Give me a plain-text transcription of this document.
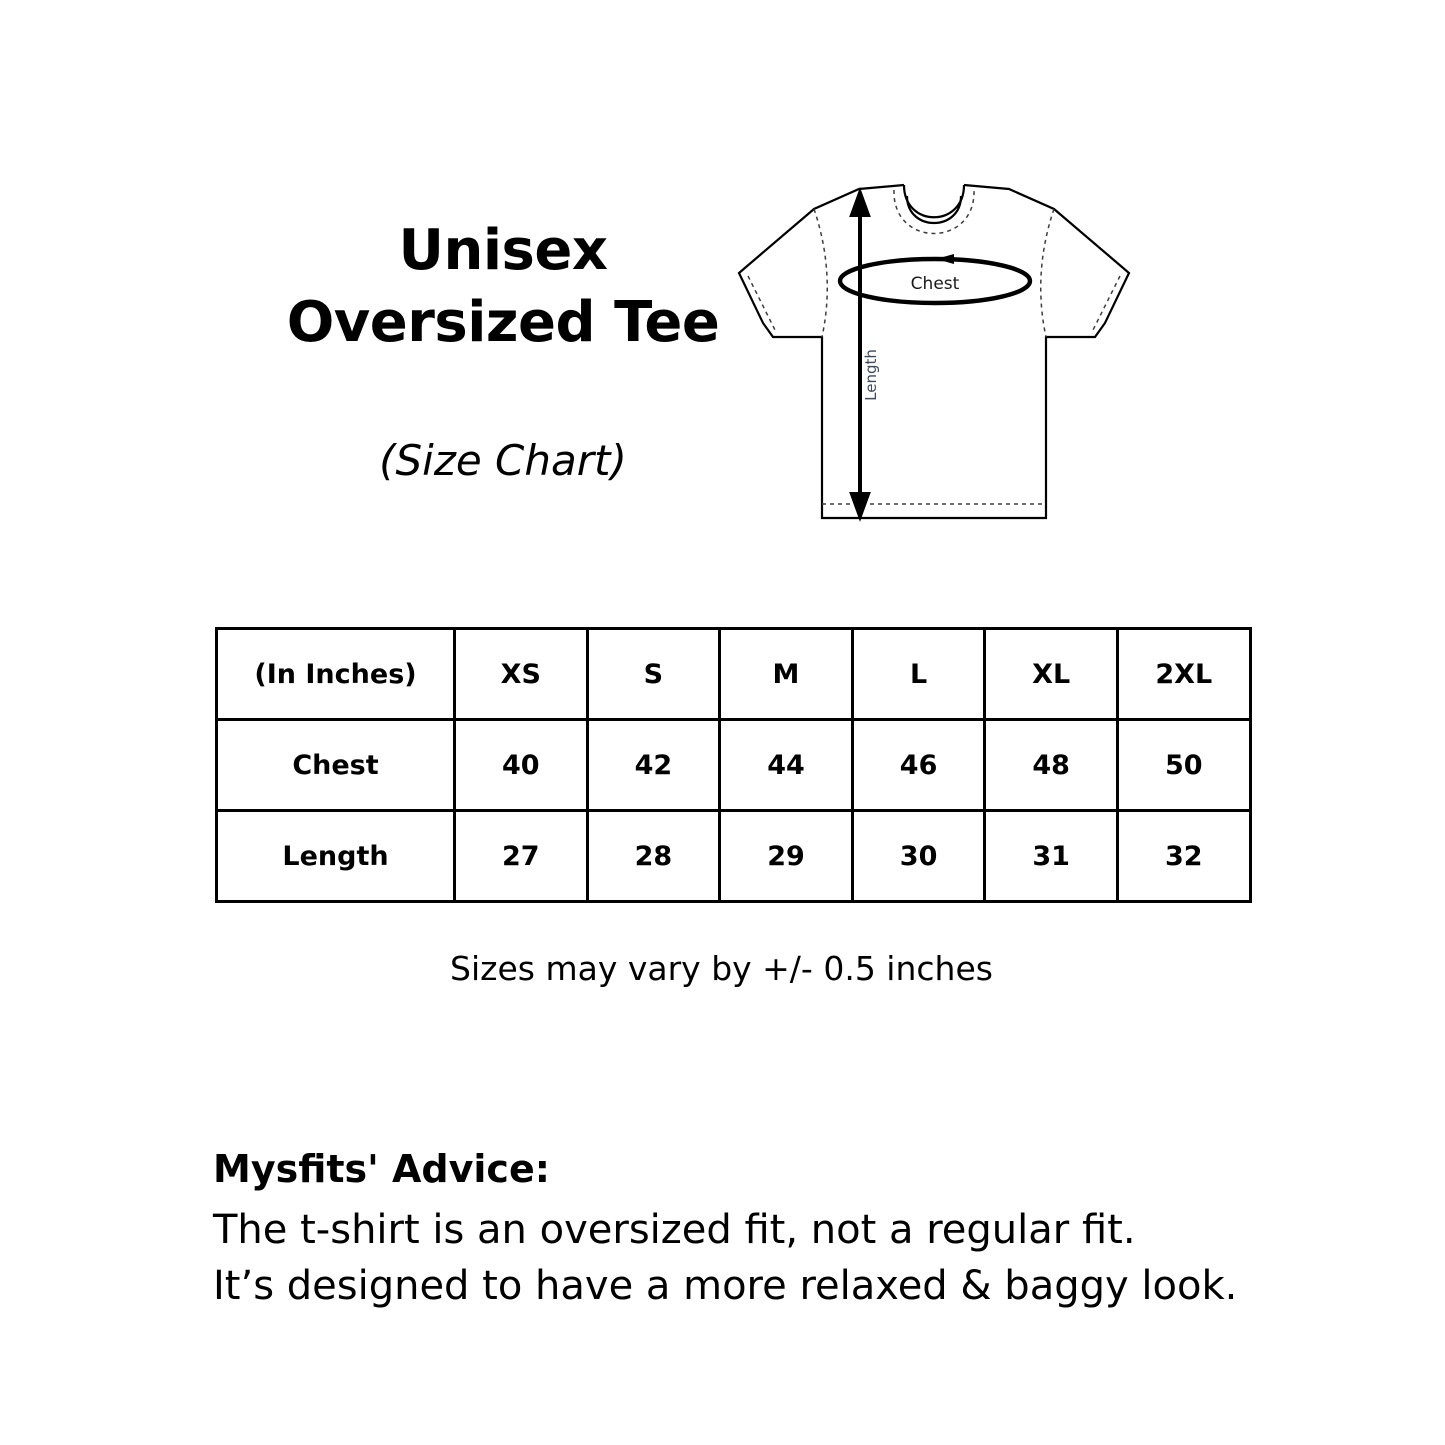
Unisex
Oversized Tee
(Size Chart)
Chest
Length
(In Inches)	XS	S	M	L	XL	2XL
Chest	40	42	44	46	48	50
Length	27	28	29	30	31	32
Sizes may vary by +/- 0.5 inches
Mysfits' Advice:
The t-shirt is an oversized fit, not a regular fit.
It’s designed to have a more relaxed & baggy look.
